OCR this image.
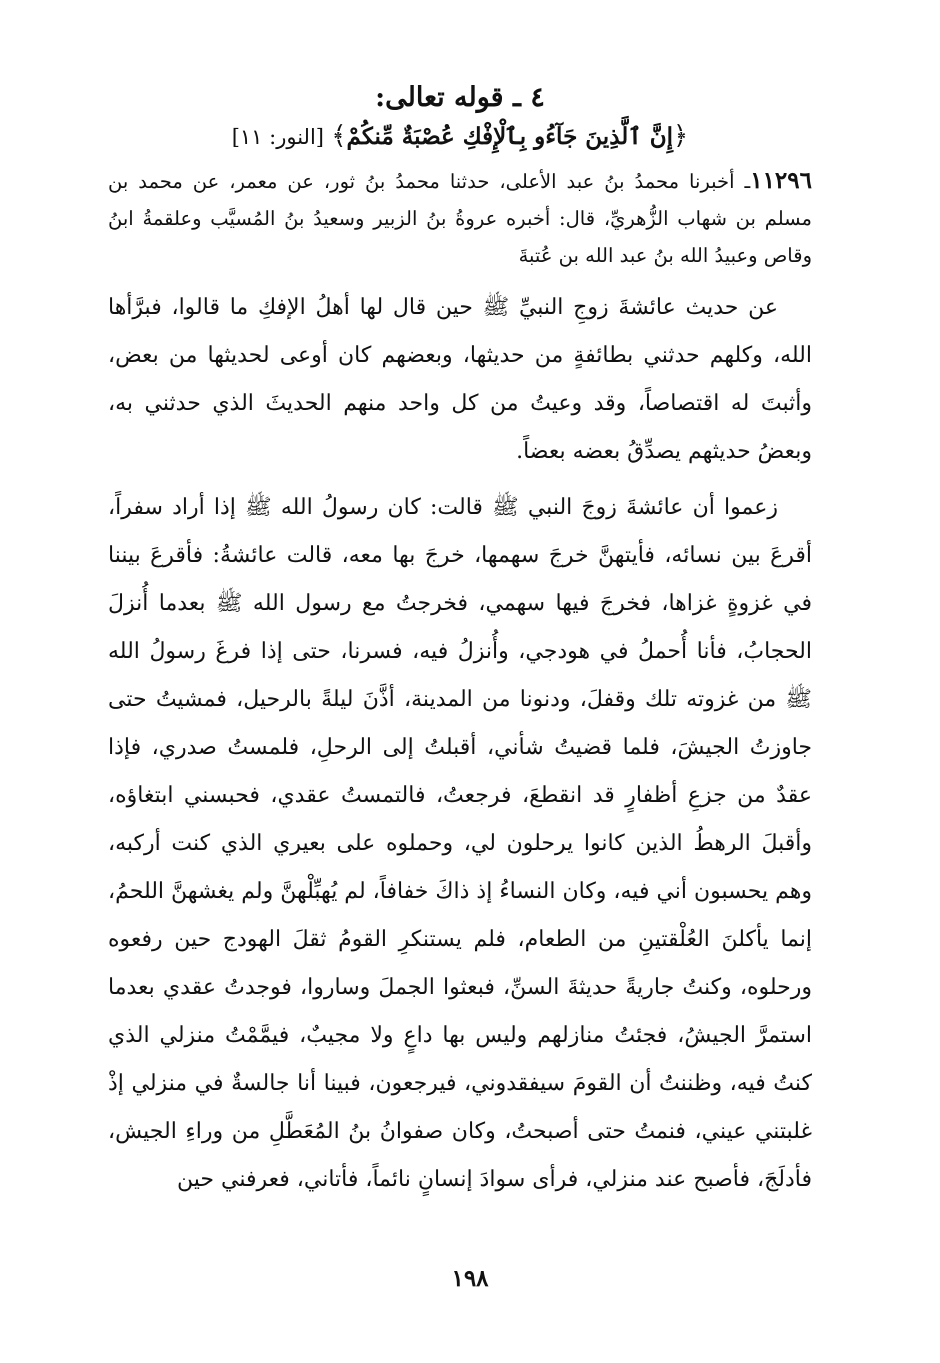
٤ ـ قوله تعالى:
﴿إِنَّ ٱلَّذِينَ جَآءُو بِٱلْإِفْكِ عُصْبَةٌ مِّنكُمْ﴾ [النور: ١١]

١١٢٩٦ـ أخبرنا محمدُ بنُ عبد الأعلى، حدثنا محمدُ بنُ ثور، عن معمر، عن محمد بن مسلم بن شهاب الزُّهريِّ، قال: أخبره عروةُ بنُ الزبير وسعيدُ بنُ المُسيَّب وعلقمةُ ابنُ وقاص وعبيدُ الله بنُ عبد الله بن عُتبةَ

عن حديث عائشةَ زوجِ النبيِّ ﷺ حين قال لها أهلُ الإفكِ ما قالوا، فبرَّأها الله، وكلهم حدثني بطائفةٍ من حديثها، وبعضهم كان أوعى لحديثها من بعض، وأثبتَ له اقتصاصاً، وقد وعيتُ من كل واحد منهم الحديثَ الذي حدثني به، وبعضُ حديثهم يصدِّقُ بعضه بعضاً.

زعموا أن عائشةَ زوجَ النبي ﷺ قالت: كان رسولُ الله ﷺ إذا أراد سفراً، أقرعَ بين نسائه، فأيتهنَّ خرجَ سهمها، خرجَ بها معه، قالت عائشةُ: فأقرعَ بيننا في غزوةٍ غزاها، فخرجَ فيها سهمي، فخرجتُ مع رسول الله ﷺ بعدما أُنزلَ الحجابُ، فأنا أُحملُ في هودجي، وأُنزلُ فيه، فسرنا، حتى إذا فرغَ رسولُ الله ﷺ من غزوته تلك وقفلَ، ودنونا من المدينة، أذَّنَ ليلةً بالرحيل، فمشيتُ حتى جاوزتُ الجيشَ، فلما قضيتُ شأني، أقبلتُ إلى الرحلِ، فلمستُ صدري، فإذا عقدٌ من جزعِ أظفارٍ قد انقطعَ، فرجعتُ، فالتمستُ عقدي، فحبسني ابتغاؤه، وأقبلَ الرهطُ الذين كانوا يرحلون لي، وحملوه على بعيري الذي كنت أركبه، وهم يحسبون أني فيه، وكان النساءُ إذ ذاكَ خفافاً، لم يُهبِّلْهنَّ ولم يغشهنَّ اللحمُ، إنما يأكلنَ العُلْقتينِ من الطعام، فلم يستنكرِ القومُ ثقلَ الهودج حين رفعوه ورحلوه، وكنتُ جاريةً حديثةَ السنِّ، فبعثوا الجملَ وساروا، فوجدتُ عقدي بعدما استمرَّ الجيشُ، فجئتُ منازلهم وليس بها داعٍ ولا مجيبٌ، فيمَّمْتُ منزلي الذي كنتُ فيه، وظننتُ أن القومَ سيفقدوني، فيرجعون، فبينا أنا جالسةٌ في منزلي إذْ غلبتني عيني، فنمتُ حتى أصبحتُ، وكان صفوانُ بنُ المُعَطَّلِ من وراءِ الجيش، فأدلَجَ، فأصبح عند منزلي، فرأى سوادَ إنسانٍ نائماً، فأتاني، فعرفني حين

١٩٨
